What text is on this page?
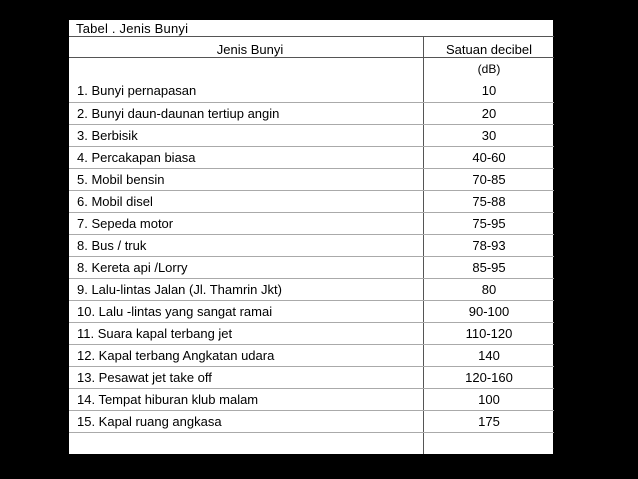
Tabel . Jenis Bunyi
Jenis Bunyi	Satuan decibel
	(dB)
1. Bunyi pernapasan	10
2. Bunyi daun-daunan tertiup angin	20
3. Berbisik	30
4. Percakapan biasa	40-60
5. Mobil bensin	70-85
6. Mobil disel	75-88
7. Sepeda motor	75-95
8. Bus / truk	78-93
8. Kereta api /Lorry	85-95
9. Lalu-lintas Jalan (Jl. Thamrin Jkt)	80
10. Lalu -lintas yang sangat ramai	90-100
11. Suara kapal terbang jet	110-120
12. Kapal terbang Angkatan udara	140
13. Pesawat jet take off	120-160
14. Tempat hiburan klub malam	100
15. Kapal ruang angkasa	175
